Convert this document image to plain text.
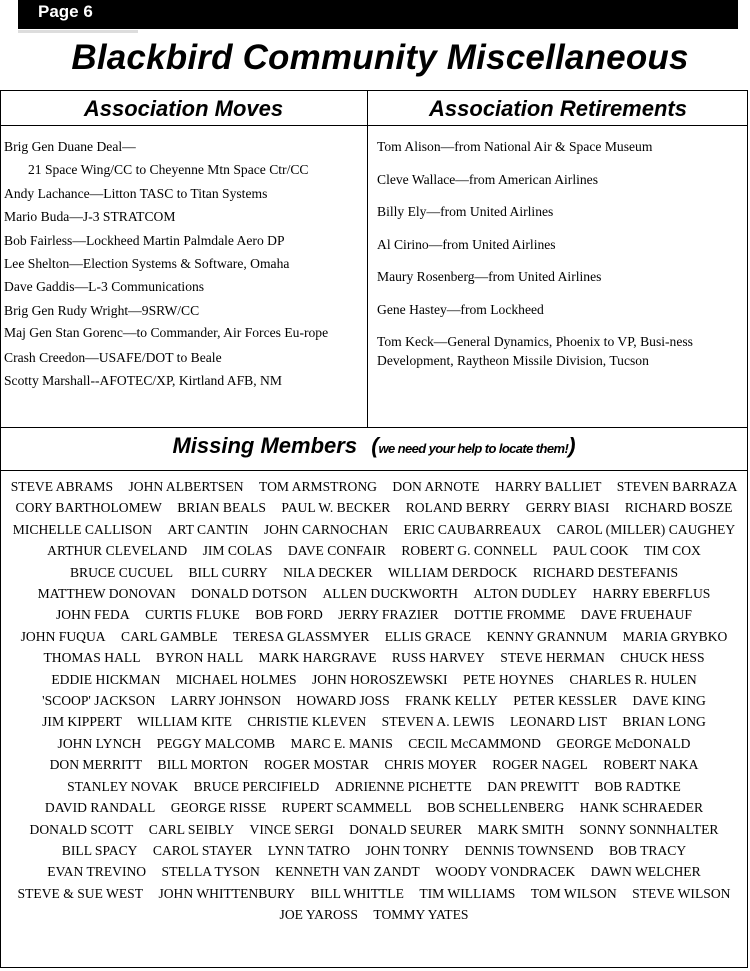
Page 6
Blackbird Community Miscellaneous
Association Moves	Association Retirements
Brig Gen Duane Deal—
21 Space Wing/CC to Cheyenne Mtn Space Ctr/CC
Andy Lachance—Litton TASC to Titan Systems
Mario Buda—J-3 STRATCOM
Bob Fairless—Lockheed Martin Palmdale Aero DP
Lee Shelton—Election Systems & Software, Omaha
Dave Gaddis—L-3 Communications
Brig Gen Rudy Wright—9SRW/CC
Maj Gen Stan Gorenc—to Commander, Air Forces Eu-rope
Crash Creedon—USAFE/DOT to Beale
Scotty Marshall--AFOTEC/XP, Kirtland AFB, NM
Tom Alison—from National Air & Space Museum
Cleve Wallace—from American Airlines
Billy Ely—from United Airlines
Al Cirino—from United Airlines
Maury Rosenberg—from United Airlines
Gene Hastey—from Lockheed
Tom Keck—General Dynamics, Phoenix to VP, Busi-ness Development, Raytheon Missile Division, Tucson
Missing Members (we need your help to locate them!)
STEVE ABRAMS JOHN ALBERTSEN TOM ARMSTRONG DON ARNOTE HARRY BALLIET STEVEN BARRAZA CORY BARTHOLOMEW BRIAN BEALS PAUL W. BECKER ROLAND BERRY GERRY BIASI RICHARD BOSZE MICHELLE CALLISON ART CANTIN JOHN CARNOCHAN ERIC CAUBARREAUX CAROL (MILLER) CAUGHEY ARTHUR CLEVELAND JIM COLAS DAVE CONFAIR ROBERT G. CONNELL PAUL COOK TIM COX BRUCE CUCUEL BILL CURRY NILA DECKER WILLIAM DERDOCK RICHARD DESTEFANIS MATTHEW DONOVAN DONALD DOTSON ALLEN DUCKWORTH ALTON DUDLEY HARRY EBERFLUS JOHN FEDA CURTIS FLUKE BOB FORD JERRY FRAZIER DOTTIE FROMME DAVE FRUEHAUF JOHN FUQUA CARL GAMBLE TERESA GLASSMYER ELLIS GRACE KENNY GRANNUM MARIA GRYBKO THOMAS HALL BYRON HALL MARK HARGRAVE RUSS HARVEY STEVE HERMAN CHUCK HESS EDDIE HICKMAN MICHAEL HOLMES JOHN HOROSZEWSKI PETE HOYNES CHARLES R. HULEN 'SCOOP' JACKSON LARRY JOHNSON HOWARD JOSS FRANK KELLY PETER KESSLER DAVE KING JIM KIPPERT WILLIAM KITE CHRISTIE KLEVEN STEVEN A. LEWIS LEONARD LIST BRIAN LONG JOHN LYNCH PEGGY MALCOMB MARC E. MANIS CECIL McCAMMOND GEORGE McDONALD DON MERRITT BILL MORTON ROGER MOSTAR CHRIS MOYER ROGER NAGEL ROBERT NAKA STANLEY NOVAK BRUCE PERCIFIELD ADRIENNE PICHETTE DAN PREWITT BOB RADTKE DAVID RANDALL GEORGE RISSE RUPERT SCAMMELL BOB SCHELLENBERG HANK SCHRAEDER DONALD SCOTT CARL SEIBLY VINCE SERGI DONALD SEURER MARK SMITH SONNY SONNHALTER BILL SPACY CAROL STAYER LYNN TATRO JOHN TONRY DENNIS TOWNSEND BOB TRACY EVAN TREVINO STELLA TYSON KENNETH VAN ZANDT WOODY VONDRACEK DAWN WELCHER STEVE & SUE WEST JOHN WHITTENBURY BILL WHITTLE TIM WILLIAMS TOM WILSON STEVE WILSON JOE YAROSS TOMMY YATES
